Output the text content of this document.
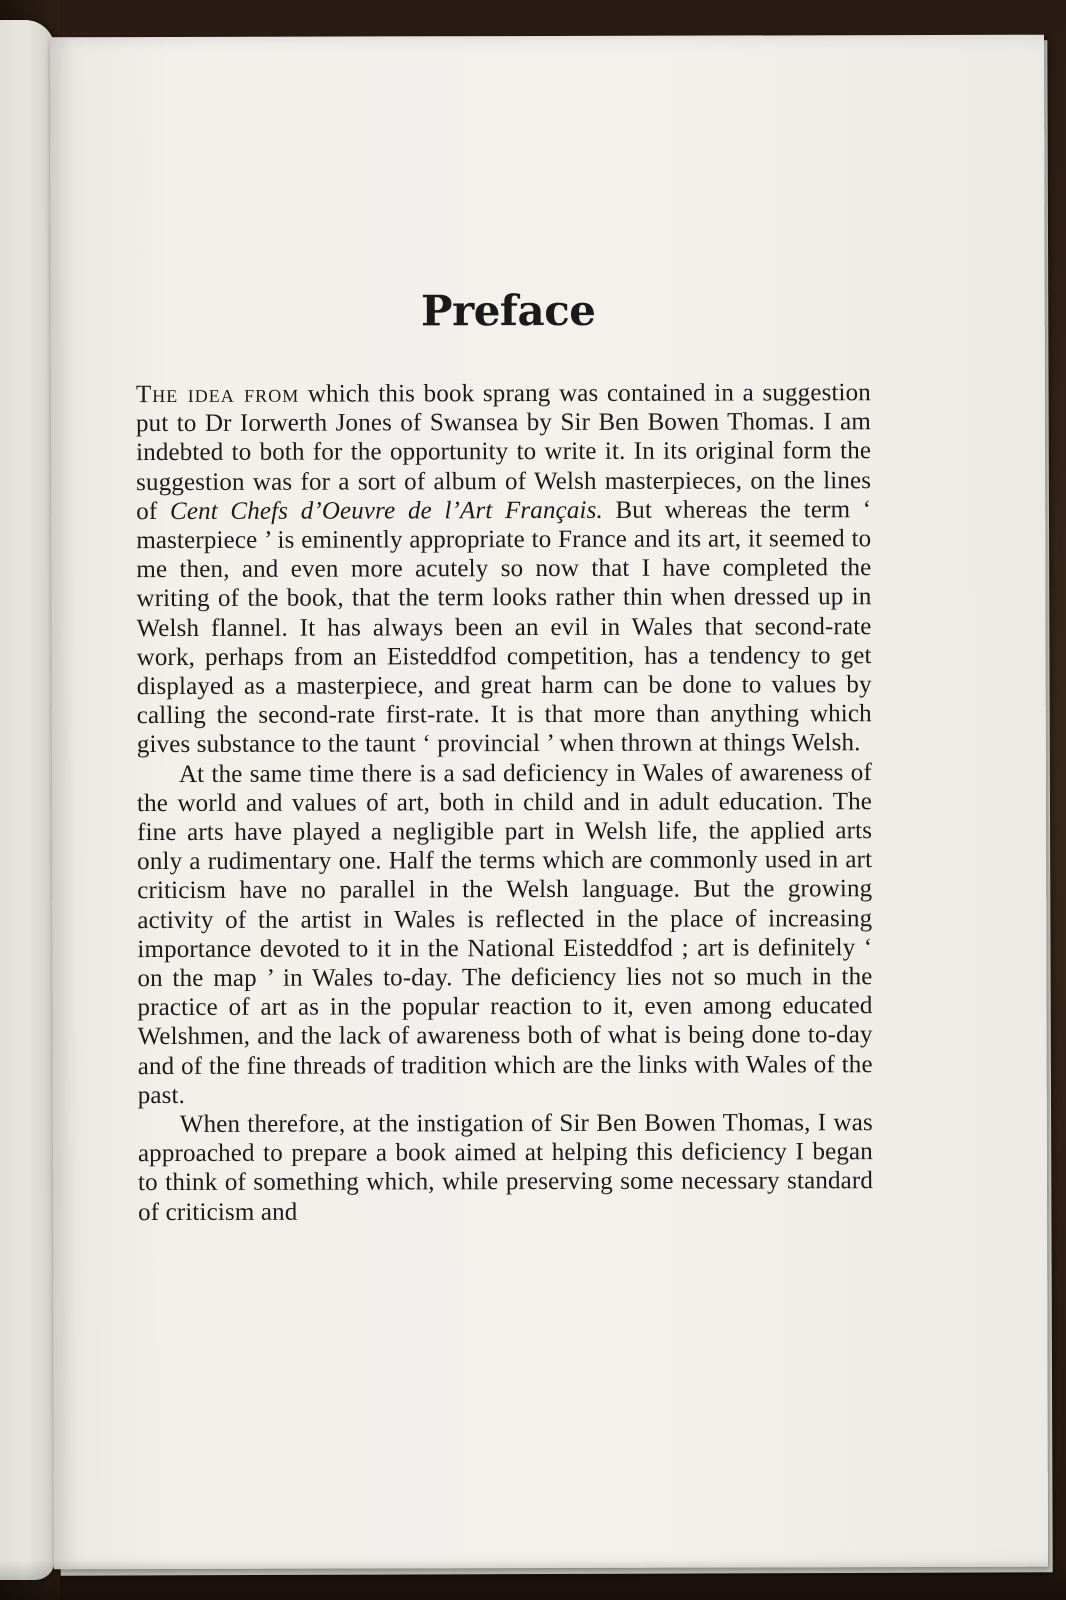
Preface

The idea from which this book sprang was contained in a suggestion put to Dr Iorwerth Jones of Swansea by Sir Ben Bowen Thomas. I am indebted to both for the opportunity to write it. In its original form the suggestion was for a sort of album of Welsh masterpieces, on the lines of Cent Chefs d’Oeuvre de l’Art Français. But whereas the term ‘ masterpiece ’ is eminently appropriate to France and its art, it seemed to me then, and even more acutely so now that I have completed the writing of the book, that the term looks rather thin when dressed up in Welsh flannel. It has always been an evil in Wales that second-rate work, perhaps from an Eisteddfod competition, has a tendency to get displayed as a masterpiece, and great harm can be done to values by calling the second-rate first-rate. It is that more than anything which gives substance to the taunt ‘ provincial ’ when thrown at things Welsh.

At the same time there is a sad deficiency in Wales of awareness of the world and values of art, both in child and in adult education. The fine arts have played a negligible part in Welsh life, the applied arts only a rudimentary one. Half the terms which are commonly used in art criticism have no parallel in the Welsh language. But the growing activity of the artist in Wales is reflected in the place of increasing importance devoted to it in the National Eisteddfod ; art is definitely ‘ on the map ’ in Wales to-day. The deficiency lies not so much in the practice of art as in the popular reaction to it, even among educated Welshmen, and the lack of awareness both of what is being done to-day and of the fine threads of tradition which are the links with Wales of the past.

When therefore, at the instigation of Sir Ben Bowen Thomas, I was approached to prepare a book aimed at helping this deficiency I began to think of something which, while preserving some necessary standard of criticism and
